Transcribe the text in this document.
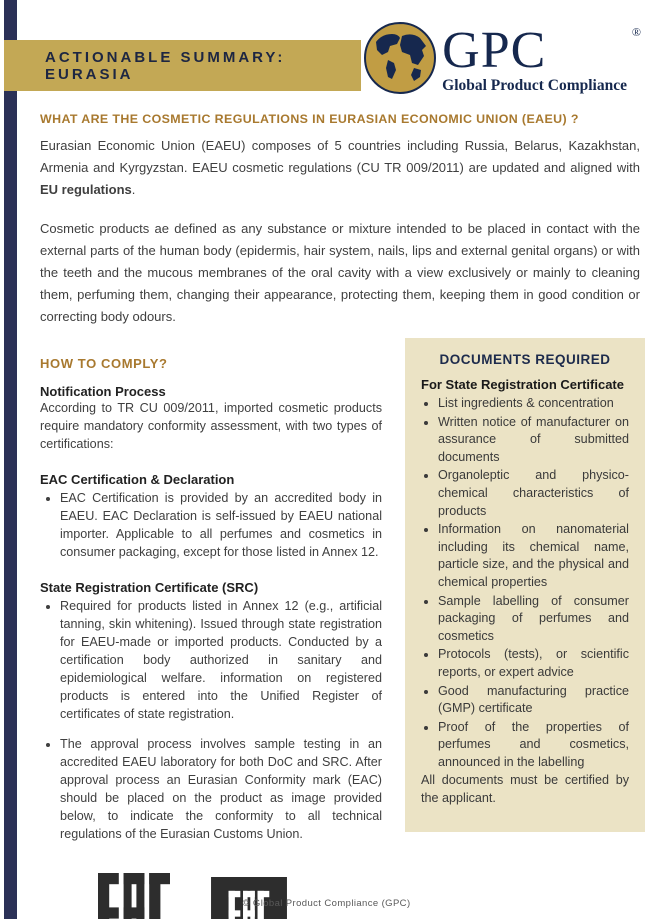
ACTIONABLE SUMMARY: EURASIA	GPC	®
Global Product Compliance
WHAT ARE THE COSMETIC REGULATIONS IN EURASIAN ECONOMIC UNION (EAEU) ?

Eurasian Economic Union (EAEU) composes of 5 countries including Russia, Belarus, Kazakhstan, Armenia and Kyrgyzstan. EAEU cosmetic regulations (CU TR 009/2011) are updated and aligned with EU regulations.

Cosmetic products ae defined as any substance or mixture intended to be placed in contact with the external parts of the human body (epidermis, hair system, nails, lips and external genital organs) or with the teeth and the mucous membranes of the oral cavity with a view exclusively or mainly to cleaning them, perfuming them, changing their appearance, protecting them, keeping them in good condition or correcting body odours.

HOW TO COMPLY?
Notification Process

According to TR CU 009/2011, imported cosmetic products require mandatory conformity assessment, with two types of certifications:

EAC Certification & Declaration
• EAC Certification is provided by an accredited body in EAEU. EAC Declaration is self-issued by EAEU national importer. Applicable to all perfumes and cosmetics in consumer packaging, except for those listed in Annex 12.
State Registration Certificate (SRC)
• Required for products listed in Annex 12 (e.g., artificial tanning, skin whitening). Issued through state registration for EAEU-made or imported products. Conducted by a certification body authorized in sanitary and epidemiological welfare. information on registered products is entered into the Unified Register of certificates of state registration.
• The approval process involves sample testing in an accredited EAEU laboratory for both DoC and SRC. After approval process an Eurasian Conformity mark (EAC) should be placed on the product as image provided below, to indicate the conformity to all technical regulations of the Eurasian Customs Union.
DOCUMENTS REQUIRED
For State Registration Certificate
• List ingredients & concentration
• Written notice of manufacturer on assurance of submitted documents
• Organoleptic and physico-chemical characteristics of products
• Information on nanomaterial including its chemical name, particle size, and the physical and chemical properties
• Sample labelling of consumer packaging of perfumes and cosmetics
• Protocols (tests), or scientific reports, or expert advice
• Good manufacturing practice (GMP) certificate
• Proof of the properties of perfumes and cosmetics, announced in the labelling

All documents must be certified by the applicant.

© Global Product Compliance (GPC)
